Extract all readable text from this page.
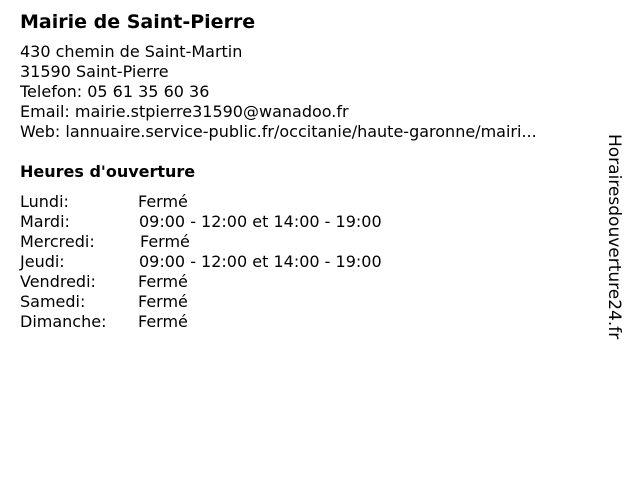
Mairie de Saint-Pierre
430 chemin de Saint-Martin
31590 Saint-Pierre
Telefon: 05 61 35 60 36
Email: mairie.stpierre31590@wanadoo.fr
Web: lannuaire.service-public.fr/occitanie/haute-garonne/mairi...
Heures d'ouverture
Lundi:	Fermé
Mardi:	09:00 - 12:00 et 14:00 - 19:00
Mercredi:	Fermé
Jeudi:	09:00 - 12:00 et 14:00 - 19:00
Vendredi:	Fermé
Samedi:	Fermé
Dimanche: Fermé	Horairesdouverture24.fr
